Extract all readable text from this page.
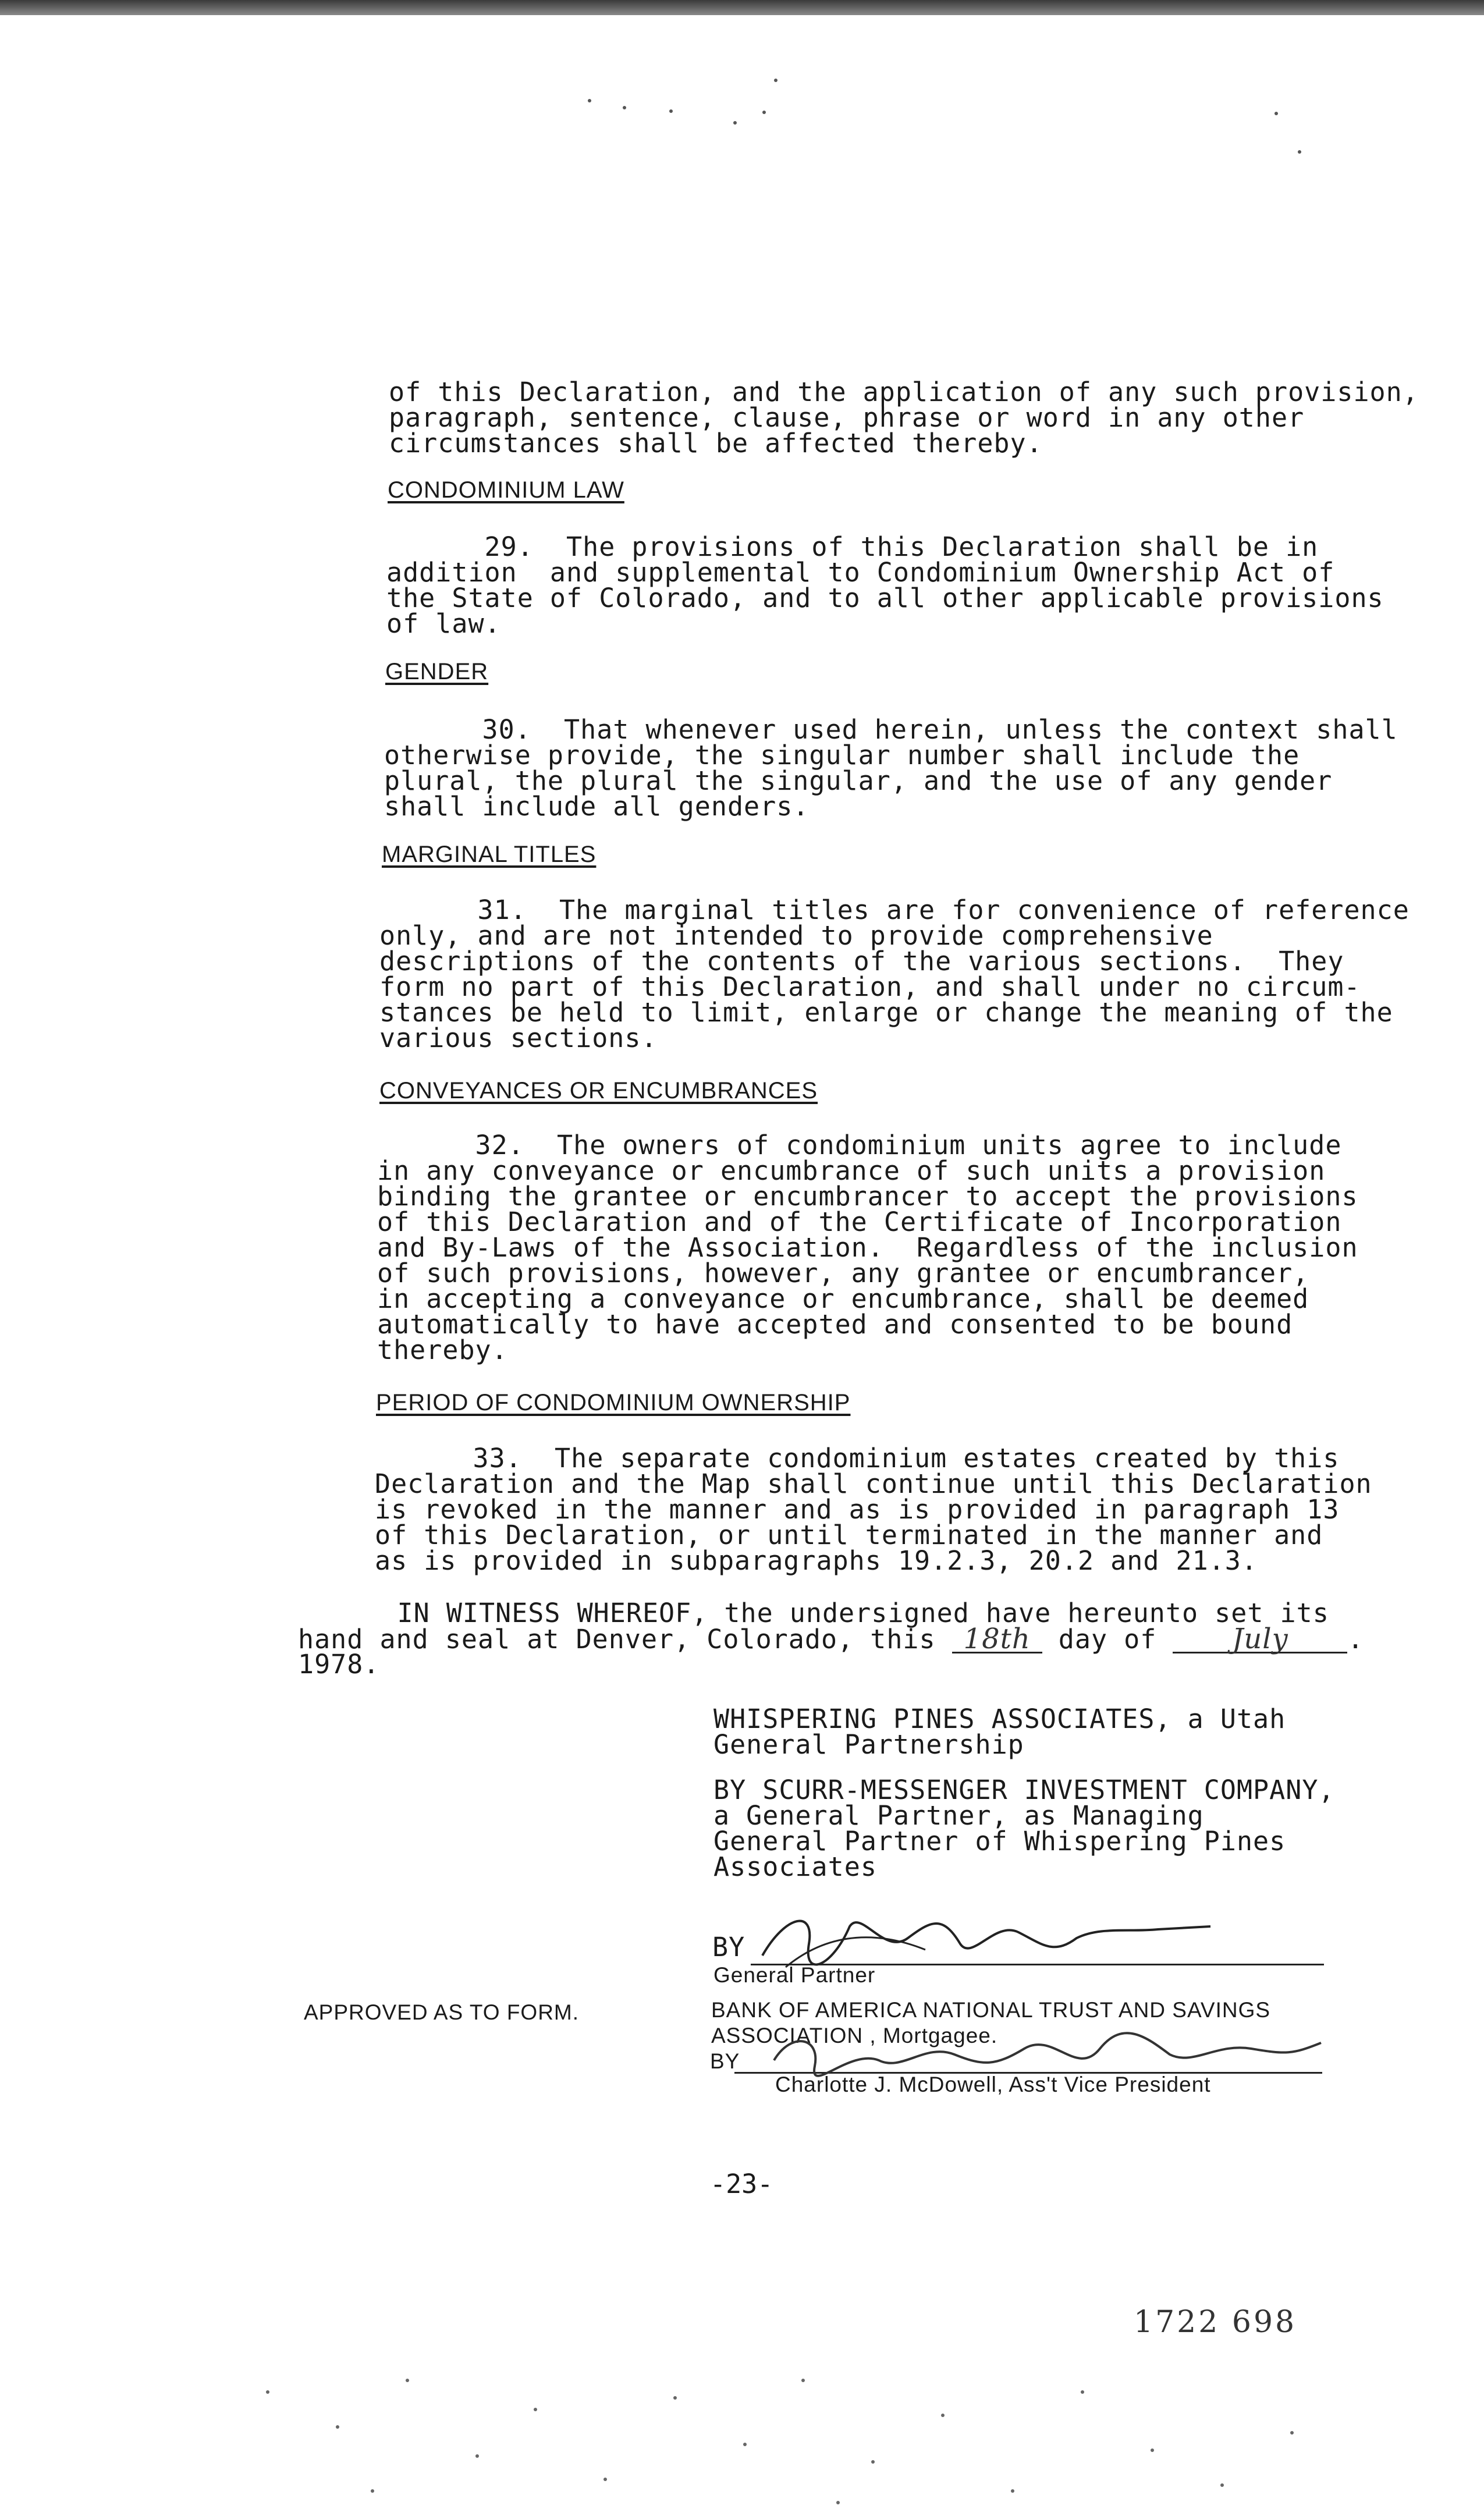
of this Declaration, and the application of any such provision,
paragraph, sentence, clause, phrase or word in any other
circumstances shall be affected thereby.

CONDOMINIUM LAW

29.  The provisions of this Declaration shall be in
addition  and supplemental to Condominium Ownership Act of
the State of Colorado, and to all other applicable provisions
of law.

GENDER

30.  That whenever used herein, unless the context shall
otherwise provide, the singular number shall include the
plural, the plural the singular, and the use of any gender
shall include all genders.

MARGINAL TITLES

31.  The marginal titles are for convenience of reference
only, and are not intended to provide comprehensive
descriptions of the contents of the various sections.  They
form no part of this Declaration, and shall under no circum-
stances be held to limit, enlarge or change the meaning of the
various sections.

CONVEYANCES OR ENCUMBRANCES

32.  The owners of condominium units agree to include
in any conveyance or encumbrance of such units a provision
binding the grantee or encumbrancer to accept the provisions
of this Declaration and of the Certificate of Incorporation
and By-Laws of the Association.  Regardless of the inclusion
of such provisions, however, any grantee or encumbrancer,
in accepting a conveyance or encumbrance, shall be deemed
automatically to have accepted and consented to be bound
thereby.

PERIOD OF CONDOMINIUM OWNERSHIP

33.  The separate condominium estates created by this
Declaration and the Map shall continue until this Declaration
is revoked in the manner and as is provided in paragraph 13
of this Declaration, or until terminated in the manner and
as is provided in subparagraphs 19.2.3, 20.2 and 21.3.

IN WITNESS WHEREOF, the undersigned have hereunto set its

hand and seal at Denver, Colorado, this 18th day of July .

1978.

WHISPERING PINES ASSOCIATES, a Utah
General Partnership

BY SCURR-MESSENGER INVESTMENT COMPANY,
a General Partner, as Managing
General Partner of Whispering Pines
Associates

BY

General Partner

APPROVED AS TO FORM.	BANK OF AMERICA NATIONAL TRUST AND SAVINGS
ASSOCIATION , Mortgagee.

BY

Charlotte J. McDowell, Ass't Vice President

-23-
1722 698
